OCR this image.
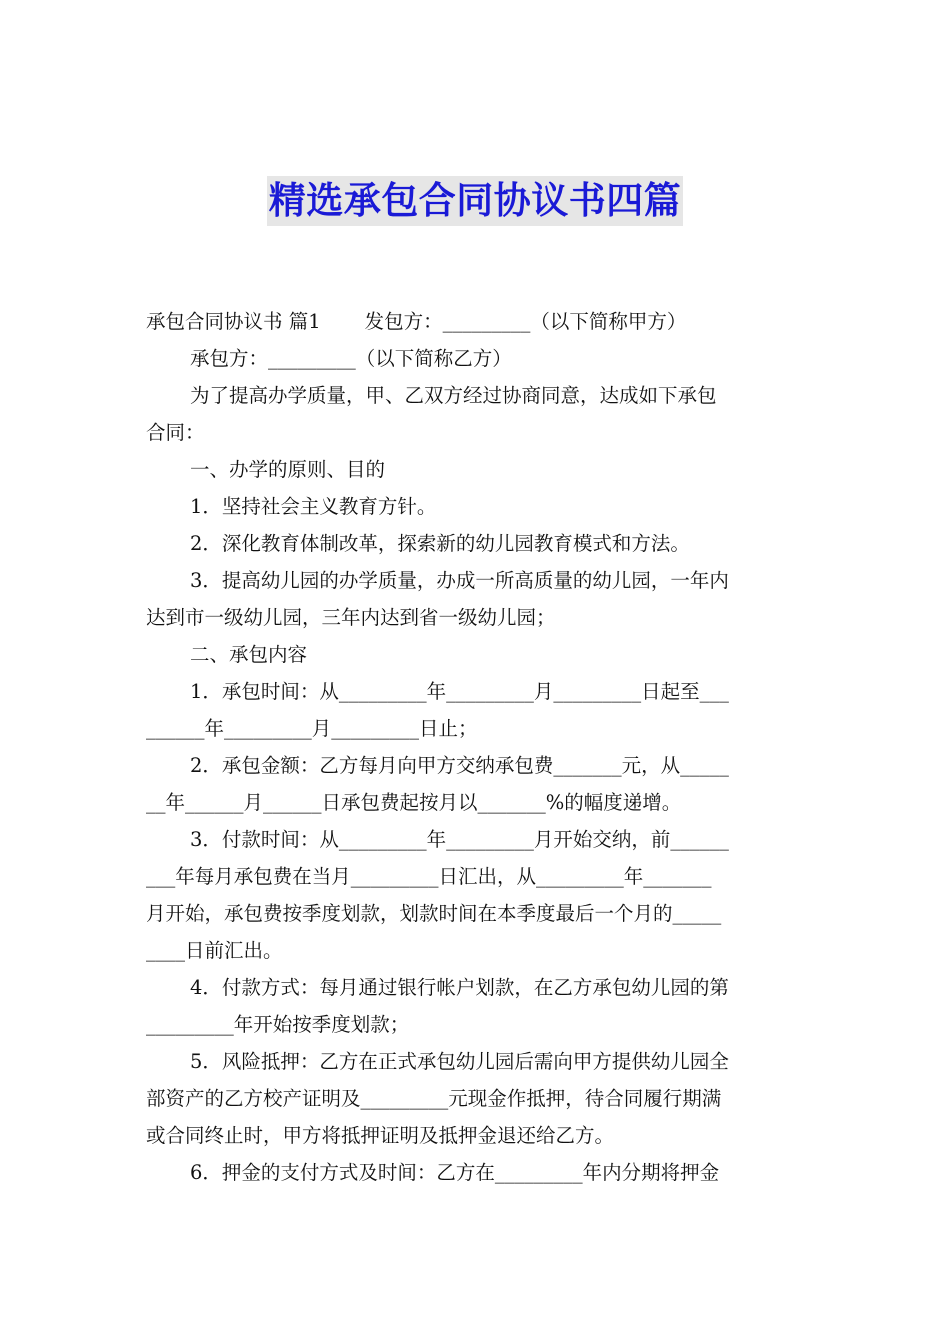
精选承包合同协议书四篇

承包合同协议书 篇1 发包方：_________（以下简称甲方）

承包方：_________（以下简称乙方）

为了提高办学质量，甲、乙双方经过协商同意，达成如下承包
合同：

一、办学的原则、目的

1．坚持社会主义教育方针。

2．深化教育体制改革，探索新的幼儿园教育模式和方法。

3．提高幼儿园的办学质量，办成一所高质量的幼儿园，一年内
达到市一级幼儿园，三年内达到省一级幼儿园；

二、承包内容

1．承包时间：从_________年_________月_________日起至___
______年_________月_________日止；

2．承包金额：乙方每月向甲方交纳承包费_______元，从_____
__年______月______日承包费起按月以_______%的幅度递增。

3．付款时间：从_________年_________月开始交纳，前______
___年每月承包费在当月_________日汇出，从_________年_______
月开始，承包费按季度划款，划款时间在本季度最后一个月的_____
____日前汇出。

4．付款方式：每月通过银行帐户划款，在乙方承包幼儿园的第
_________年开始按季度划款；

5．风险抵押：乙方在正式承包幼儿园后需向甲方提供幼儿园全
部资产的乙方校产证明及_________元现金作抵押，待合同履行期满
或合同终止时，甲方将抵押证明及抵押金退还给乙方。

6．押金的支付方式及时间：乙方在_________年内分期将押金
